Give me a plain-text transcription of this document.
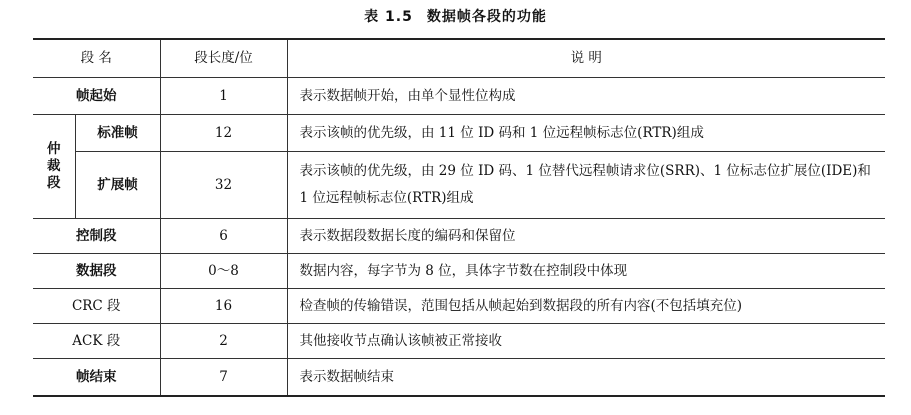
表 1.5 数据帧各段的功能
段 名		段长度/位	说 明
帧起始		1	表示数据帧开始，由单个显性位构成
仲
裁
段	标准帧	12	表示该帧的优先级，由 11 位 ID 码和 1 位远程帧标志位(RTR)组成
	扩展帧	32	表示该帧的优先级，由 29 位 ID 码、1 位替代远程帧请求位(SRR)、1 位标志位扩展位(IDE)和 1 位远程帧标志位(RTR)组成
控制段		6	表示数据段数据长度的编码和保留位
数据段		0～8	数据内容，每字节为 8 位，具体字节数在控制段中体现
CRC 段		16	检查帧的传输错误，范围包括从帧起始到数据段的所有内容(不包括填充位)
ACK 段		2	其他接收节点确认该帧被正常接收
帧结束		7	表示数据帧结束
